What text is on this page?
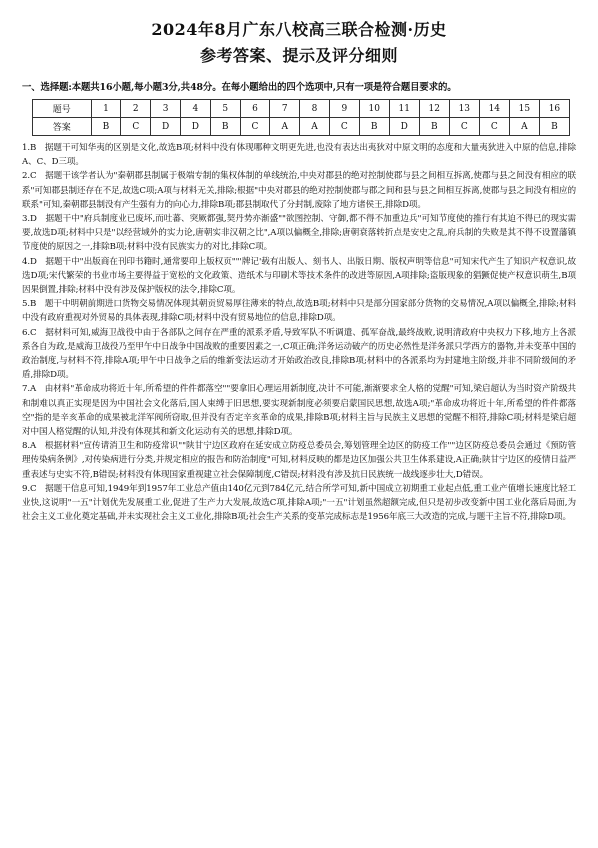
2024年8月广东八校高三联合检测·历史
参考答案、提示及评分细则
一、选择题:本题共16小题,每小题3分,共48分。在每小题给出的四个选项中,只有一项是符合题目要求的。
题号	1	2	3	4	5	6	7	8	9	10	11	12	13	14	15	16
答案	B	C	D	D	B	C	A	A	C	B	D	B	C	C	A	B

1.B　据题干可知华夷的区别是文化,故选B项;材料中没有体现哪种文明更先进,也没有表达出夷狄对中原文明的态度和大量夷狄进入中原的信息,排除A、C、D三项。

2.C　据题干该学者认为"秦朝郡县制属于极端专制的集权体制的单线统治,中央对郡县的绝对控制使郡与县之间相互拆离,使郡与县之间没有相应的联系"可知郡县制还存在不足,故选C项;A项与材料无关,排除;根据"中央对郡县的绝对控制使郡与郡之间和县与县之间相互拆离,使郡与县之间没有相应的联系"可知,秦朝郡县制没有产生强有力的向心力,排除B项;郡县制取代了分封制,废除了地方诸侯王,排除D项。

3.D　据题干中"府兵制度业已废坏,而吐蕃、突厥都强,契丹势亦渐盛""欲图控制、守御,都不得不加重边兵"可知节度使的推行有其迫不得已的现实需要,故选D项;材料中只是"以经营域外的实力论,唐朝实非汉朝之比",A项以偏概全,排除;唐朝衰落转折点是安史之乱,府兵制的失败是其不得不设置藩镇节度使的原因之一,排除B项;材料中没有民族实力的对比,排除C项。

4.D　据题干中"出版商在刊印书籍时,通常要印上版权页""'牌记'载有出版人、刻书人、出版日期、版权声明等信息"可知宋代产生了知识产权意识,故选D项;宋代繁荣的书业市场主要得益于宽松的文化政策、造纸术与印刷术等技术条件的改进等原因,A项排除;盗版现象的猖獗促使产权意识萌生,B项因果倒置,排除;材料中没有涉及保护版权的法令,排除C项。

5.B　题干中明朝前期进口货物交易情况体现其朝贡贸易厚往薄来的特点,故选B项;材料中只是部分国家部分货物的交易情况,A项以偏概全,排除;材料中没有政府重视对外贸易的具体表现,排除C项;材料中没有贸易地位的信息,排除D项。

6.C　据材料可知,威海卫战役中由于各部队之间存在严重的派系矛盾,导致军队不听调遣、孤军奋战,最终战败,说明清政府中央权力下移,地方上各派系各自为政,是威海卫战役乃至甲午中日战争中国战败的重要因素之一,C项正确;洋务运动破产的历史必然性是洋务派只学西方的器物,并未变革中国的政治制度,与材料不符,排除A项;甲午中日战争之后的维新变法运动才开始政治改良,排除B项;材料中的各派系均为封建地主阶级,并非不同阶级间的矛盾,排除D项。

7.A　由材料"革命成功将近十年,所希望的件件都落空""要拿旧心理运用新制度,决计不可能,渐渐要求全人格的觉醒"可知,梁启超认为当时资产阶级共和制难以真正实现是因为中国社会文化落后,国人束缚于旧思想,要实现新制度必须要启蒙国民思想,故选A项;"革命成功将近十年,所希望的件件都落空"指的是辛亥革命的成果被北洋军阀所窃取,但并没有否定辛亥革命的成果,排除B项;材料主旨与民族主义思想的觉醒不相符,排除C项;材料是梁启超对中国人格觉醒的认知,并没有体现其和新文化运动有关的思想,排除D项。

8.A　根据材料"宣传请消卫生和防疫常识""陕甘宁边区政府在延安成立防疫总委员会,筹划管理全边区的防疫工作""边区防疫总委员会通过《预防管理传染病条例》,对传染病进行分类,并规定相应的报告和防治制度"可知,材料反映的都是边区加强公共卫生体系建设,A正确;陕甘宁边区的疫情日益严重表述与史实不符,B错误;材料没有体现国家重视建立社会保障制度,C错误;材料没有涉及抗日民族统一战线逐步壮大,D错误。

9.C　据题干信息可知,1949年到1957年工业总产值由140亿元到784亿元,结合所学可知,新中国成立初期重工业起点低,重工业产值增长速度比轻工业快,这说明"一五"计划优先发展重工业,促进了生产力大发展,故选C项,排除A项;"一五"计划虽然超额完成,但只是初步改变新中国工业化落后局面,为社会主义工业化奠定基础,并未实现社会主义工业化,排除B项;社会生产关系的变革完成标志是1956年底三大改造的完成,与题干主旨不符,排除D项。
